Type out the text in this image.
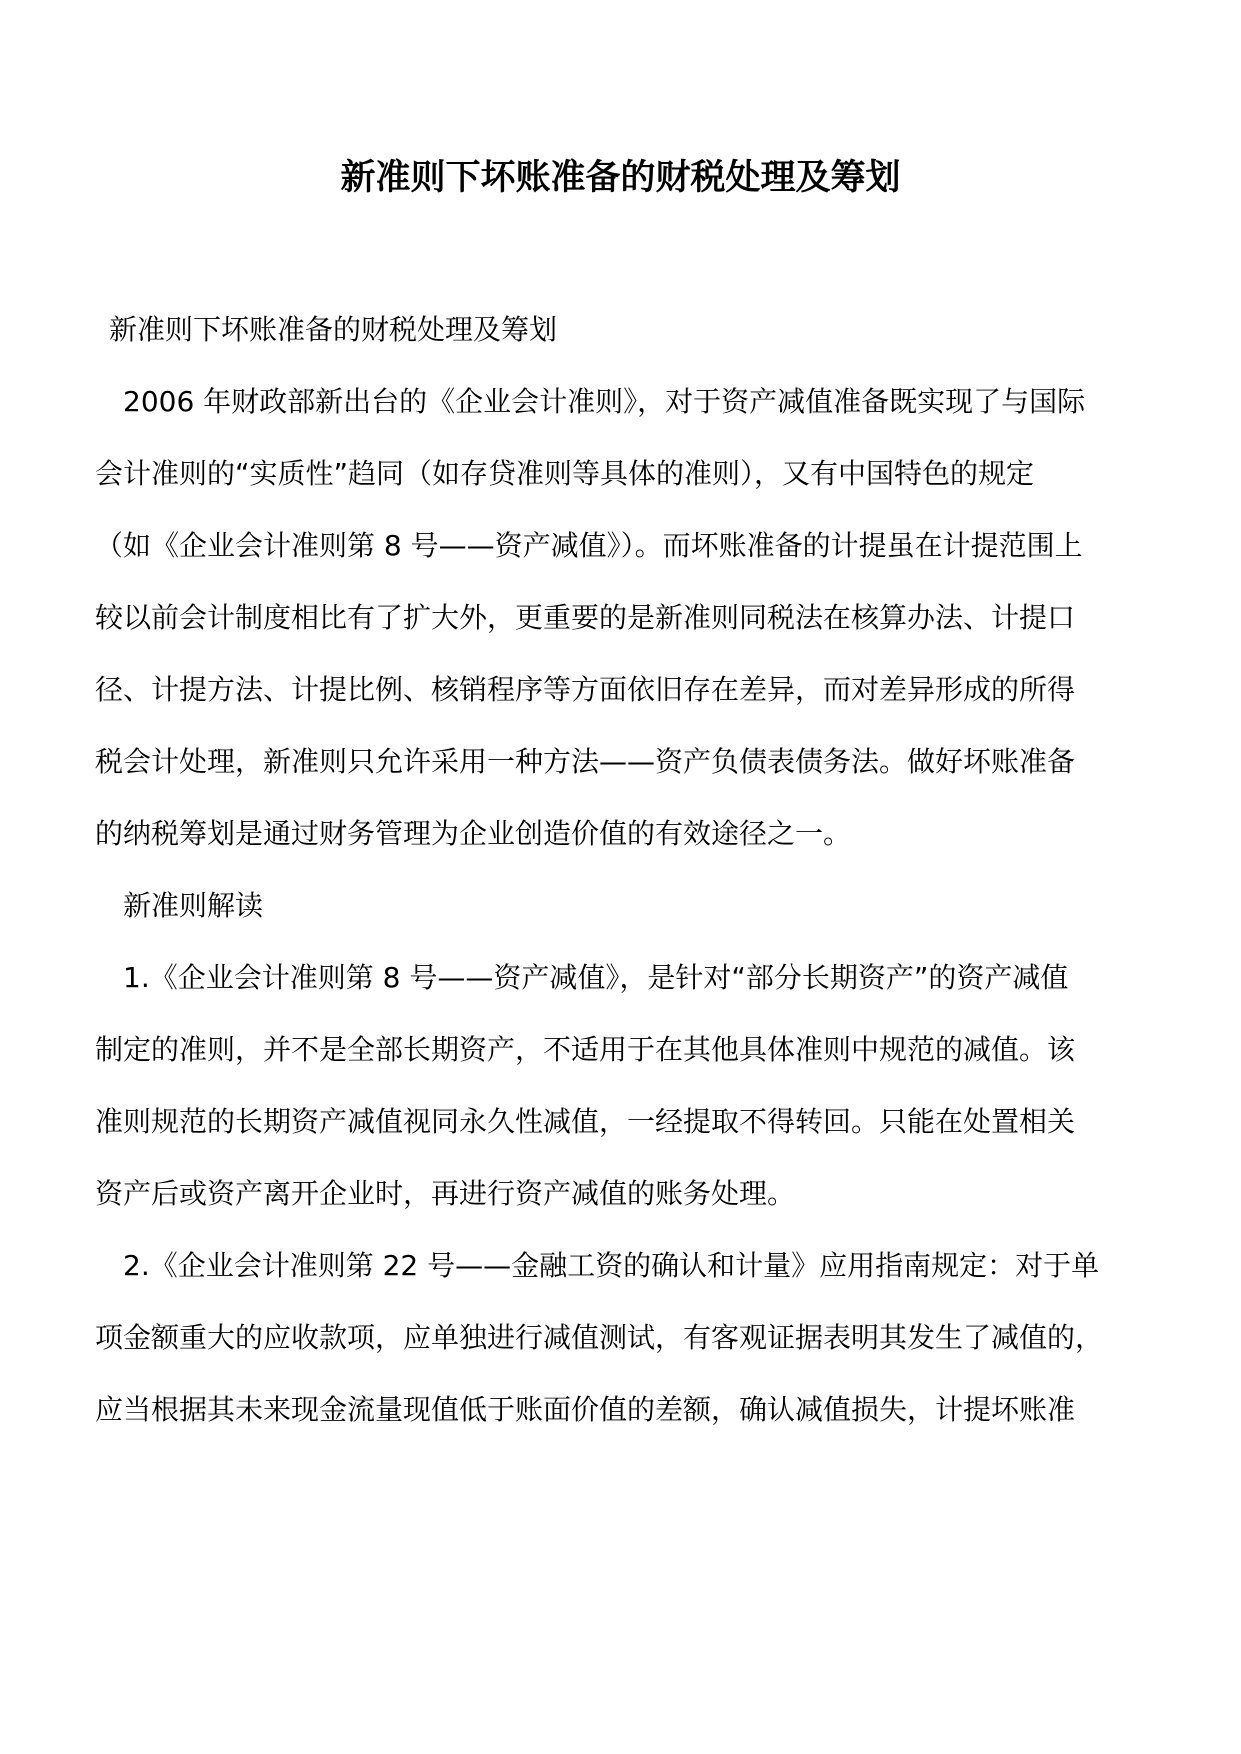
新准则下坏账准备的财税处理及筹划

新准则下坏账准备的财税处理及筹划

2006 年财政部新出台的《企业会计准则》，对于资产减值准备既实现了与国际

会计准则的“实质性”趋同（如存贷准则等具体的准则），又有中国特色的规定

（如《企业会计准则第 8 号——资产减值》）。而坏账准备的计提虽在计提范围上

较以前会计制度相比有了扩大外，更重要的是新准则同税法在核算办法、计提口

径、计提方法、计提比例、核销程序等方面依旧存在差异，而对差异形成的所得

税会计处理，新准则只允许采用一种方法——资产负债表债务法。做好坏账准备

的纳税筹划是通过财务管理为企业创造价值的有效途径之一。

新准则解读

1.《企业会计准则第 8 号——资产减值》，是针对“部分长期资产”的资产减值

制定的准则，并不是全部长期资产，不适用于在其他具体准则中规范的减值。该

准则规范的长期资产减值视同永久性减值，一经提取不得转回。只能在处置相关

资产后或资产离开企业时，再进行资产减值的账务处理。

2.《企业会计准则第 22 号——金融工资的确认和计量》应用指南规定：对于单

项金额重大的应收款项，应单独进行减值测试，有客观证据表明其发生了减值的，

应当根据其未来现金流量现值低于账面价值的差额，确认减值损失，计提坏账准
